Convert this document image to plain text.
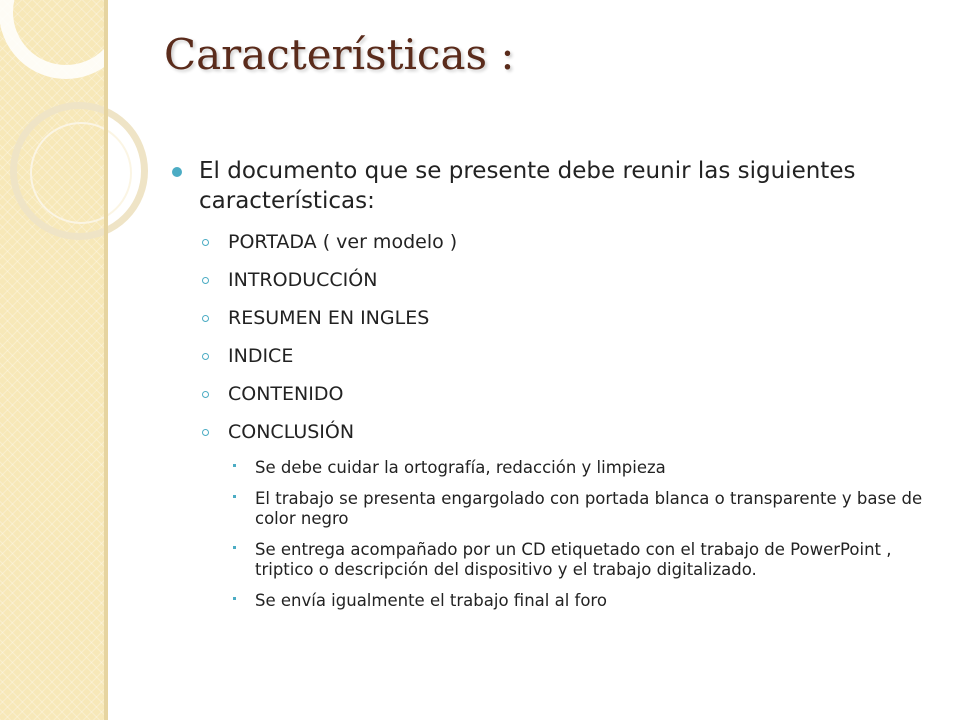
Características :
El documento que se presente debe reunir las siguientes características:
PORTADA ( ver modelo )
INTRODUCCIÓN
RESUMEN EN INGLES
INDICE
CONTENIDO
CONCLUSIÓN
Se debe cuidar la ortografía, redacción y limpieza
El trabajo se presenta engargolado con portada blanca o transparente y base de color negro
Se entrega acompañado por un CD etiquetado con el trabajo de PowerPoint , triptico o descripción del dispositivo y el trabajo digitalizado.
Se envía igualmente el trabajo final al foro
